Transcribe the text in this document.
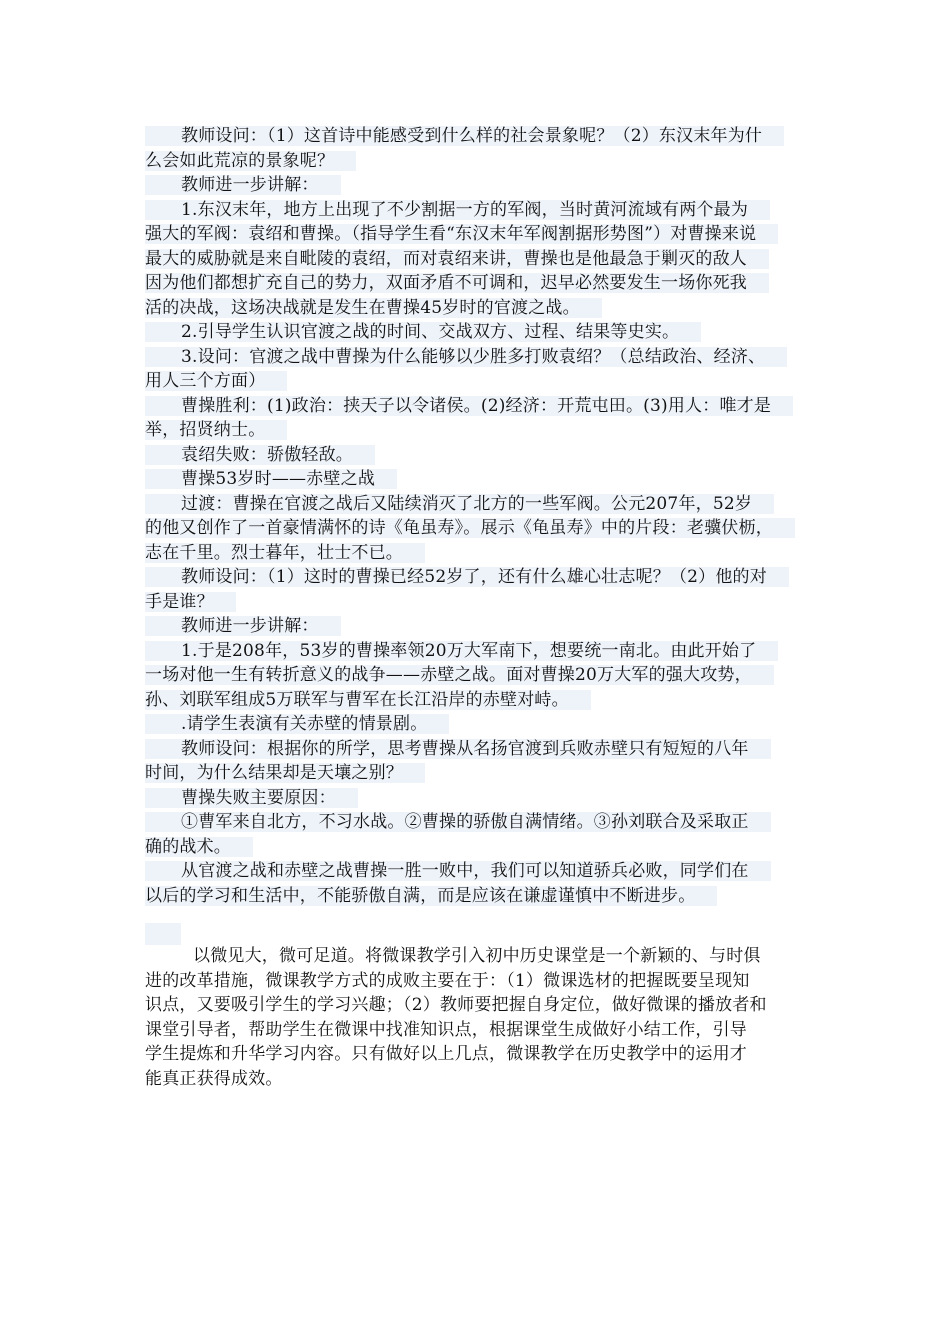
教师设问：（1）这首诗中能感受到什么样的社会景象呢？（2）东汉末年为什
么会如此荒凉的景象呢？
教师进一步讲解：
1.东汉末年，地方上出现了不少割据一方的军阀，当时黄河流域有两个最为
强大的军阀：袁绍和曹操。（指导学生看“东汉末年军阀割据形势图”）对曹操来说
最大的威胁就是来自毗陵的袁绍，而对袁绍来讲，曹操也是他最急于剿灭的敌人
因为他们都想扩充自己的势力，双面矛盾不可调和，迟早必然要发生一场你死我
活的决战，这场决战就是发生在曹操45岁时的官渡之战。
2.引导学生认识官渡之战的时间、交战双方、过程、结果等史实。
3.设问：官渡之战中曹操为什么能够以少胜多打败袁绍？（总结政治、经济、
用人三个方面）
曹操胜利：(1)政治：挟天子以令诸侯。(2)经济：开荒屯田。(3)用人：唯才是
举，招贤纳士。
袁绍失败：骄傲轻敌。
曹操53岁时——赤壁之战
过渡：曹操在官渡之战后又陆续消灭了北方的一些军阀。公元207年，52岁
的他又创作了一首豪情满怀的诗《龟虽寿》。展示《龟虽寿》中的片段：老骥伏枥，
志在千里。烈士暮年，壮士不已。
教师设问：（1）这时的曹操已经52岁了，还有什么雄心壮志呢？（2）他的对
手是谁？
教师进一步讲解：
1.于是208年，53岁的曹操率领20万大军南下，想要统一南北。由此开始了
一场对他一生有转折意义的战争——赤壁之战。面对曹操20万大军的强大攻势，
孙、刘联军组成5万联军与曹军在长江沿岸的赤壁对峙。
.请学生表演有关赤壁的情景剧。
教师设问：根据你的所学，思考曹操从名扬官渡到兵败赤壁只有短短的八年
时间，为什么结果却是天壤之别？
曹操失败主要原因：
①曹军来自北方，不习水战。②曹操的骄傲自满情绪。③孙刘联合及采取正
确的战术。
从官渡之战和赤壁之战曹操一胜一败中，我们可以知道骄兵必败，同学们在
以后的学习和生活中，不能骄傲自满，而是应该在谦虚谨慎中不断进步。
以微见大，微可足道。将微课教学引入初中历史课堂是一个新颖的、与时俱
进的改革措施，微课教学方式的成败主要在于：（1）微课选材的把握既要呈现知
识点，又要吸引学生的学习兴趣；（2）教师要把握自身定位，做好微课的播放者和
课堂引导者，帮助学生在微课中找准知识点，根据课堂生成做好小结工作，引导
学生提炼和升华学习内容。只有做好以上几点，微课教学在历史教学中的运用才
能真正获得成效。
